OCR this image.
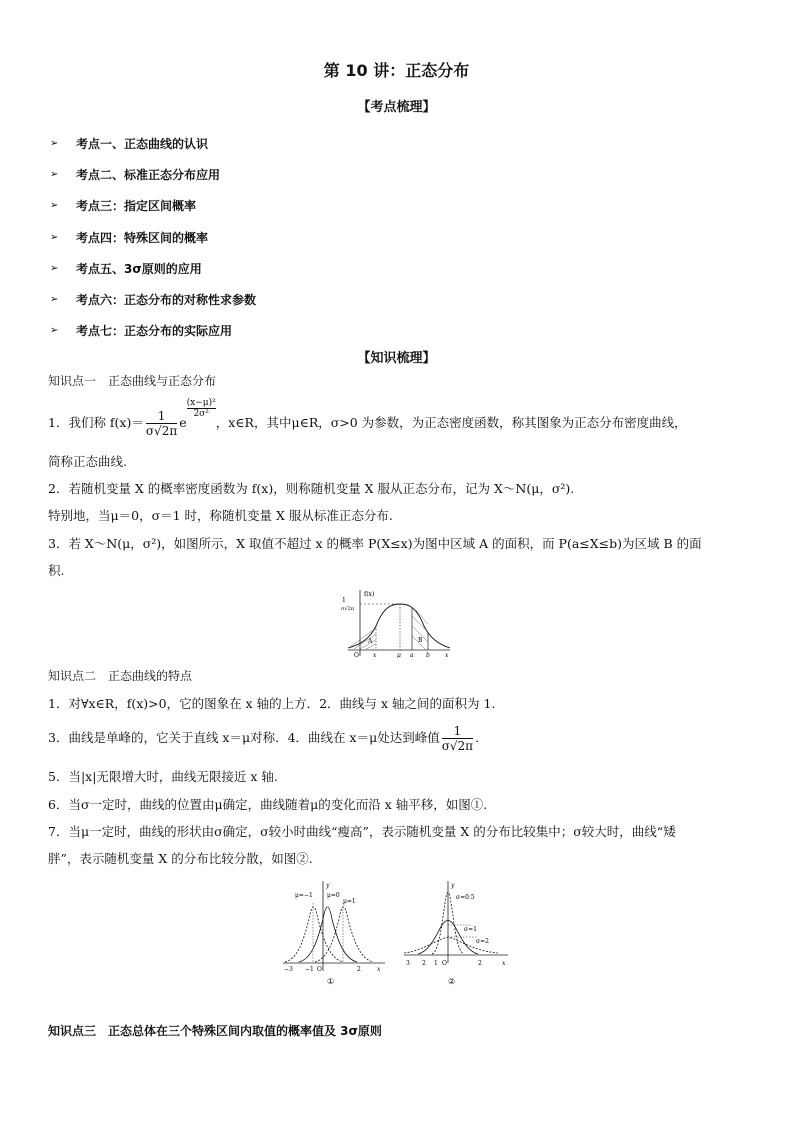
第 10 讲：正态分布
【考点梳理】
➢	考点一、正态曲线的认识
➢	考点二、标准正态分布应用
➢	考点三：指定区间概率
➢	考点四：特殊区间的概率
➢	考点五、3σ原则的应用
➢	考点六：正态分布的对称性求参数
➢	考点七：正态分布的实际应用
【知识梳理】
知识点一　正态曲线与正态分布
1．我们称 $f(x)= \frac{1}{\sigma√2\pi}$ e
$\frac{\text{(x−μ)²}}{\text{2σ²}}$，x∈R，其中μ∈R，σ>0 为参数，为正态密度函数，称其图象为正态分布密度曲线，
简称正态曲线.
2．若随机变量 X 的概率密度函数为 f(x)，则称随机变量 X 服从正态分布，记为 X～N(μ，σ²).
特别地，当μ＝0，σ＝1 时，称随机变量 X 服从标准正态分布.
3．若 X～N(μ，σ²)，如图所示，X 取值不超过 x 的概率 P(X≤x)为图中区域 A 的面积，而 P(a≤X≤b)为区域 B 的面
积.
f(x)
1
σ√2π
A	B
O x	μ a b	x
知识点二　正态曲线的特点
1．对∀x∈R，f(x)>0，它的图象在 x 轴的上方．2．曲线与 x 轴之间的面积为 1.
3．曲线是单峰的，它关于直线 x＝μ对称．4．曲线在 x＝μ处达到峰值 $\frac{1}{\sigma√2\pi}$ .
5．当|x|无限增大时，曲线无限接近 x 轴.
6．当σ一定时，曲线的位置由μ确定，曲线随着μ的变化而沿 x 轴平移，如图①.
7．当μ一定时，曲线的形状由σ确定，σ较小时曲线“瘦高”，表示随机变量 X 的分布比较集中；σ较大时，曲线“矮
胖”，表示随机变量 X 的分布比较分散，如图②.
y
μ=−1 μ=0
μ=1
−3 −1 O	2	x
①
y
σ=0.5
σ=1
σ=2
3 2 1 O	2	x
②
知识点三　正态总体在三个特殊区间内取值的概率值及 3σ原则
